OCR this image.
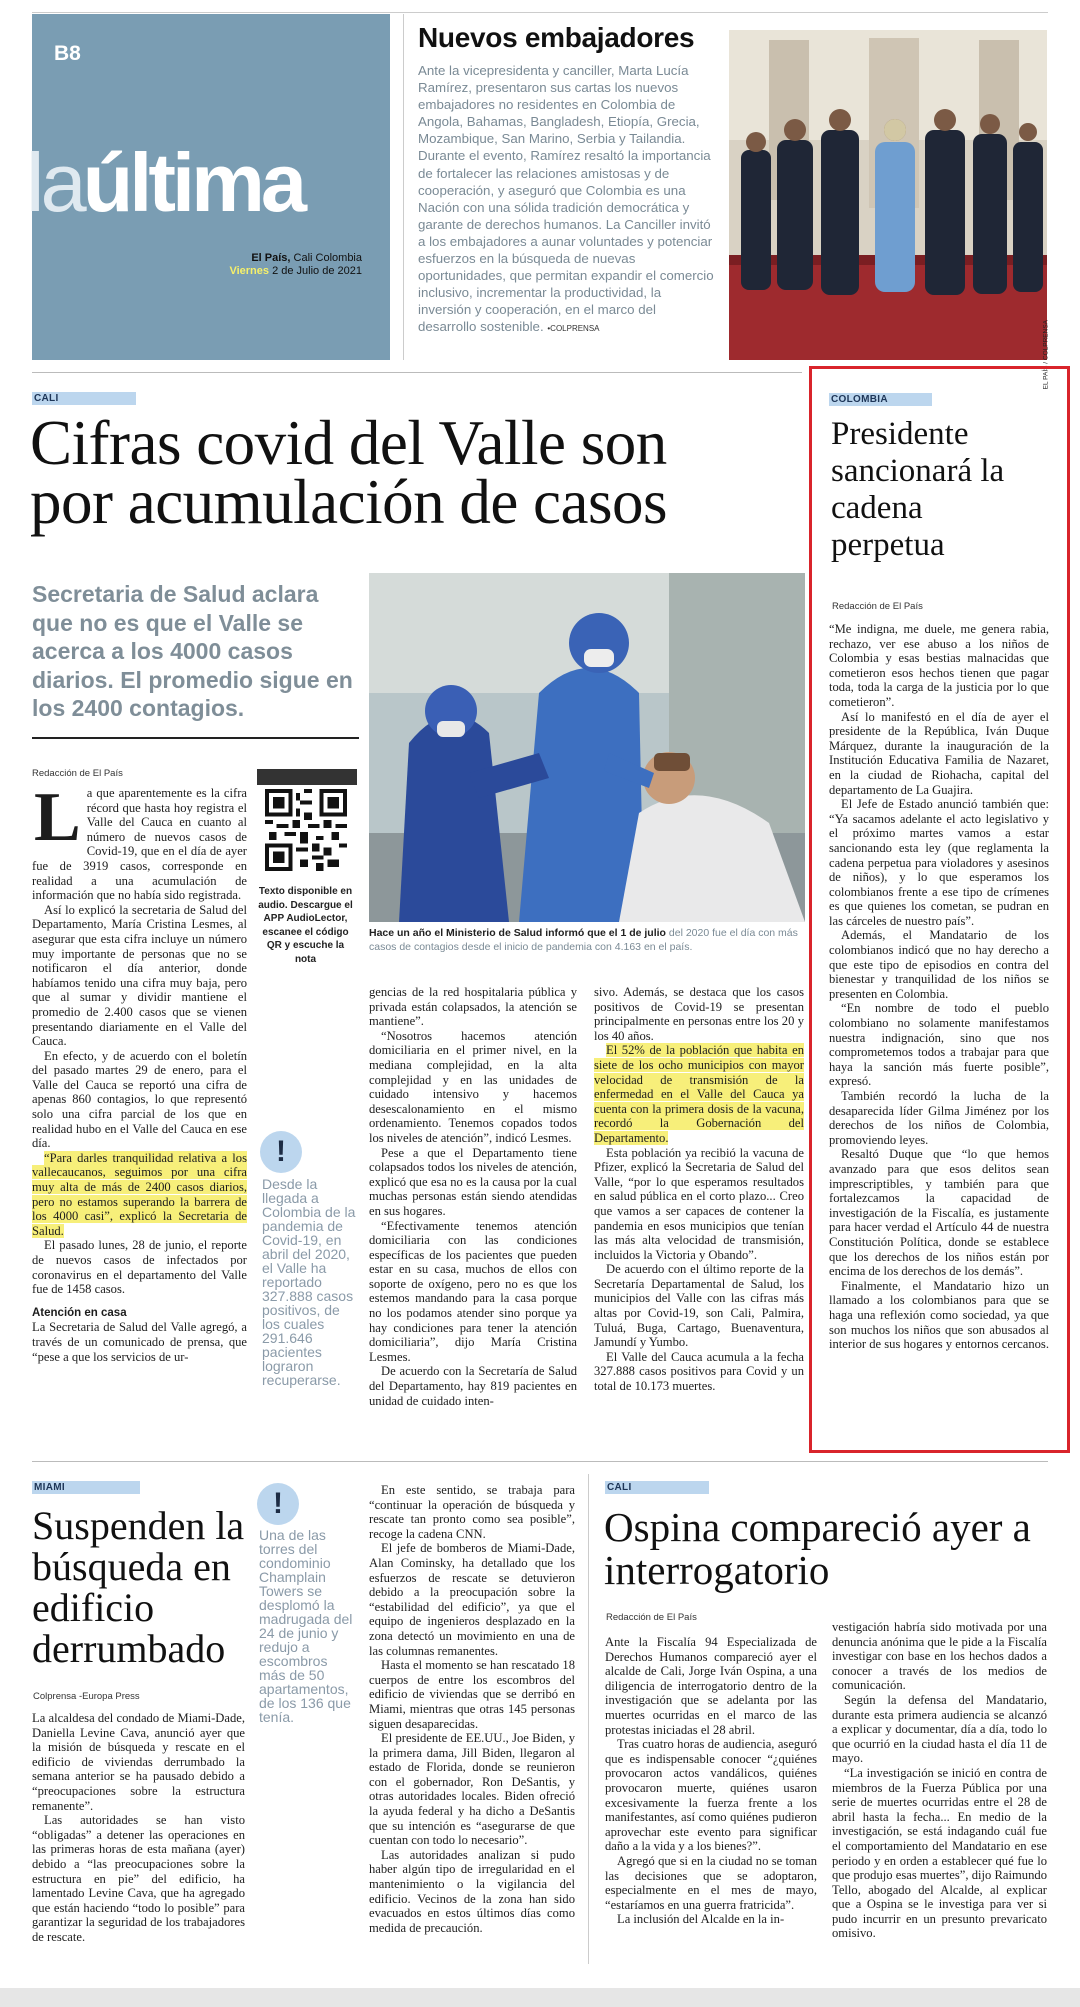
B8
laúltima
El País, Cali Colombia
Viernes 2 de Julio de 2021
Nuevos embajadores
Ante la vicepresidenta y canciller, Marta Lucía Ramírez, presentaron sus cartas los nuevos embajadores no residentes en Colombia de Angola, Bahamas, Bangladesh, Etiopía, Grecia, Mozambique, San Marino, Serbia y Tailandia. Durante el evento, Ramírez resaltó la importancia de fortalecer las relaciones amistosas y de cooperación, y aseguró que Colombia es una Nación con una sólida tradición democrática y garante de derechos humanos. La Canciller invitó a los embajadores a aunar voluntades y potenciar esfuerzos en la búsqueda de nuevas oportunidades, que permitan expandir el comercio inclusivo, incrementar la productividad, la inversión y cooperación, en el marco del desarrollo sostenible. •COLPRENSA	EL PAÍS / COLPRENSA
CALI
Cifras covid del Valle son
por acumulación de casos
Secretaria de Salud aclara que no es que el Valle se acerca a los 4000 casos diarios. El promedio sigue en los 2400 contagios.
Redacción de El País
Texto disponible en audio. Descargue el APP AudioLector, escanee el código QR y escuche la nota
Hace un año el Ministerio de Salud informó que el 1 de julio del 2020 fue el día con más casos de contagios desde el inicio de pandemia con 4.163 en el país.
L a que aparentemente es la cifra récord que hasta hoy registra el Valle del Cauca en cuanto al número de nuevos casos de Covid-19, que en el día de ayer fue de 3919 casos, corresponde en realidad a una acumulación de información que no había sido registrada.

Así lo explicó la secretaria de Salud del Departamento, María Cristina Lesmes, al asegurar que esta cifra incluye un número muy importante de personas que no se notificaron el día anterior, donde habíamos tenido una cifra muy baja, pero que al sumar y dividir mantiene el promedio de 2.400 casos que se vienen presentando diariamente en el Valle del Cauca.

En efecto, y de acuerdo con el boletín del pasado martes 29 de enero, para el Valle del Cauca se reportó una cifra de apenas 860 contagios, lo que representó solo una cifra parcial de los que en realidad hubo en el Valle del Cauca en ese día.

“Para darles tranquilidad relativa a los vallecaucanos, seguimos por una cifra muy alta de más de 2400 casos diarios, pero no estamos superando la barrera de los 4000 casi”, explicó la Secretaria de Salud.

El pasado lunes, 28 de junio, el reporte de nuevos casos de infectados por coronavirus en el departamento del Valle fue de 1458 casos.

Atención en casa

La Secretaria de Salud del Valle agregó, a través de un comunicado de prensa, que “pese a que los servicios de ur-

!
Desde la llegada a Colombia de la pandemia de Covid-19, en abril del 2020, el Valle ha reportado 327.888 casos positivos, de los cuales 291.646 pacientes lograron recuperarse.

gencias de la red hospitalaria pública y privada están colapsados, la atención se mantiene”.

“Nosotros hacemos atención domiciliaria en el primer nivel, en la mediana complejidad, en la alta complejidad y en las unidades de cuidado intensivo y hacemos desescalonamiento en el mismo ordenamiento. Tenemos copados todos los niveles de atención”, indicó Lesmes.

Pese a que el Departamento tiene colapsados todos los niveles de atención, explicó que esa no es la causa por la cual muchas personas están siendo atendidas en sus hogares.

“Efectivamente tenemos atención domiciliaria con las condiciones específicas de los pacientes que pueden estar en su casa, muchos de ellos con soporte de oxígeno, pero no es que los estemos mandando para la casa porque no los podamos atender sino porque ya hay condiciones para tener la atención domiciliaria”, dijo María Cristina Lesmes.

De acuerdo con la Secretaría de Salud del Departamento, hay 819 pacientes en unidad de cuidado inten-

sivo. Además, se destaca que los casos positivos de Covid-19 se presentan principalmente en personas entre los 20 y los 40 años.

El 52% de la población que habita en siete de los ocho municipios con mayor velocidad de transmisión de la enfermedad en el Valle del Cauca ya cuenta con la primera dosis de la vacuna, recordó la Gobernación del Departamento.

Esta población ya recibió la vacuna de Pfizer, explicó la Secretaria de Salud del Valle, “por lo que esperamos resultados en salud pública en el corto plazo... Creo que vamos a ser capaces de contener la pandemia en esos municipios que tenían las más alta velocidad de transmisión, incluidos la Victoria y Obando”.

De acuerdo con el último reporte de la Secretaría Departamental de Salud, los municipios del Valle con las cifras más altas por Covid-19, son Cali, Palmira, Tuluá, Buga, Cartago, Buenaventura, Jamundí y Yumbo.

El Valle del Cauca acumula a la fecha 327.888 casos positivos para Covid y un total de 10.173 muertes.

COLOMBIA
Presidente sancionará la cadena perpetua
Redacción de El País

“Me indigna, me duele, me genera rabia, rechazo, ver ese abuso a los niños de Colombia y esas bestias malnacidas que cometieron esos hechos tienen que pagar toda, toda la carga de la justicia por lo que cometieron”.

Así lo manifestó en el día de ayer el presidente de la República, Iván Duque Márquez, durante la inauguración de la Institución Educativa Familia de Nazaret, en la ciudad de Riohacha, capital del departamento de La Guajira.

El Jefe de Estado anunció también que: “Ya sacamos adelante el acto legislativo y el próximo martes vamos a estar sancionando esta ley (que reglamenta la cadena perpetua para violadores y asesinos de niños), y lo que esperamos los colombianos frente a ese tipo de crímenes es que quienes los cometan, se pudran en las cárceles de nuestro país”.

Además, el Mandatario de los colombianos indicó que no hay derecho a que este tipo de episodios en contra del bienestar y tranquilidad de los niños se presenten en Colombia.

“En nombre de todo el pueblo colombiano no solamente manifestamos nuestra indignación, sino que nos comprometemos todos a trabajar para que haya la sanción más fuerte posible”, expresó.

También recordó la lucha de la desaparecida líder Gilma Jiménez por los derechos de los niños de Colombia, promoviendo leyes.

Resaltó Duque que “lo que hemos avanzado para que esos delitos sean imprescriptibles, y también para que fortalezcamos la capacidad de investigación de la Fiscalía, es justamente para hacer verdad el Artículo 44 de nuestra Constitución Política, donde se establece que los derechos de los niños están por encima de los derechos de los demás”.

Finalmente, el Mandatario hizo un llamado a los colombianos para que se haga una reflexión como sociedad, ya que son muchos los niños que son abusados al interior de sus hogares y entornos cercanos.

MIAMI
Suspenden la búsqueda en edificio derrumbado
Colprensa -Europa Press

La alcaldesa del condado de Miami-Dade, Daniella Levine Cava, anunció ayer que la misión de búsqueda y rescate en el edificio de viviendas derrumbado la semana anterior se ha pausado debido a “preocupaciones sobre la estructura remanente”.

Las autoridades se han visto “obligadas” a detener las operaciones en las primeras horas de esta mañana (ayer) debido a “las preocupaciones sobre la estructura en pie” del edificio, ha lamentado Levine Cava, que ha agregado que están haciendo “todo lo posible” para garantizar la seguridad de los trabajadores de rescate.

!
Una de las torres del condominio Champlain Towers se desplomó la madrugada del 24 de junio y redujo a escombros más de 50 apartamentos, de los 136 que tenía.

En este sentido, se trabaja para “continuar la operación de búsqueda y rescate tan pronto como sea posible”, recoge la cadena CNN.

El jefe de bomberos de Miami-Dade, Alan Cominsky, ha detallado que los esfuerzos de rescate se detuvieron debido a la preocupación sobre la “estabilidad del edificio”, ya que el equipo de ingenieros desplazado en la zona detectó un movimiento en una de las columnas remanentes.

Hasta el momento se han rescatado 18 cuerpos de entre los escombros del edificio de viviendas que se derribó en Miami, mientras que otras 145 personas siguen desaparecidas.

El presidente de EE.UU., Joe Biden, y la primera dama, Jill Biden, llegaron al estado de Florida, donde se reunieron con el gobernador, Ron DeSantis, y otras autoridades locales. Biden ofreció la ayuda federal y ha dicho a DeSantis que su intención es “asegurarse de que cuentan con todo lo necesario”.

Las autoridades analizan si pudo haber algún tipo de irregularidad en el mantenimiento o la vigilancia del edificio. Vecinos de la zona han sido evacuados en estos últimos días como medida de precaución.

CALI
Ospina compareció ayer a interrogatorio
Redacción de El País

Ante la Fiscalía 94 Especializada de Derechos Humanos compareció ayer el alcalde de Cali, Jorge Iván Ospina, a una diligencia de interrogatorio dentro de la investigación que se adelanta por las muertes ocurridas en el marco de las protestas iniciadas el 28 abril.

Tras cuatro horas de audiencia, aseguró que es indispensable conocer “¿quiénes provocaron actos vandálicos, quiénes provocaron muerte, quiénes usaron excesivamente la fuerza frente a los manifestantes, así como quiénes pudieron aprovechar este evento para significar daño a la vida y a los bienes?”.

Agregó que si en la ciudad no se toman las decisiones que se adoptaron, especialmente en el mes de mayo, “estaríamos en una guerra fratricida”.

La inclusión del Alcalde en la in-

vestigación habría sido motivada por una denuncia anónima que le pide a la Fiscalía investigar con base en los hechos dados a conocer a través de los medios de comunicación.

Según la defensa del Mandatario, durante esta primera audiencia se alcanzó a explicar y documentar, día a día, todo lo que ocurrió en la ciudad hasta el día 11 de mayo.

“La investigación se inició en contra de miembros de la Fuerza Pública por una serie de muertes ocurridas entre el 28 de abril hasta la fecha... En medio de la investigación, se está indagando cuál fue el comportamiento del Mandatario en ese periodo y en orden a establecer qué fue lo que produjo esas muertes”, dijo Raimundo Tello, abogado del Alcalde, al explicar que a Ospina se le investiga para ver si pudo incurrir en un presunto prevaricato omisivo.
